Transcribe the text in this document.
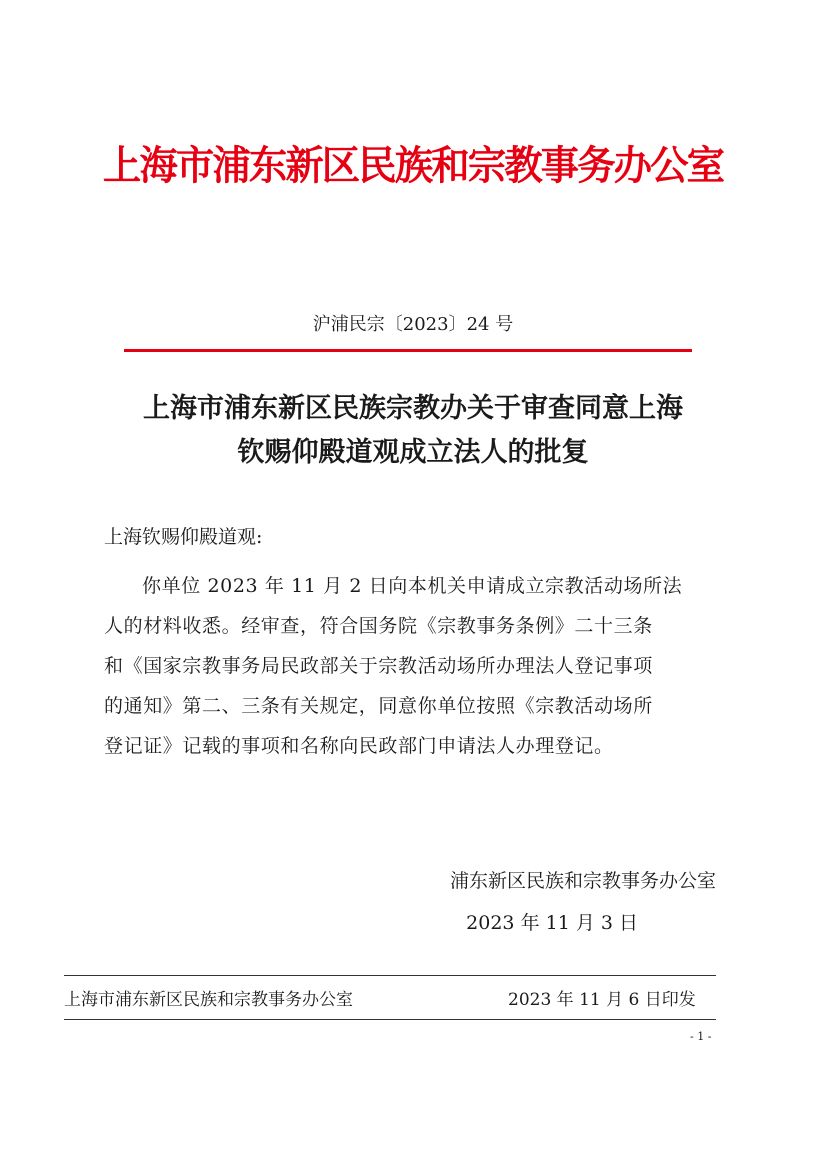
上海市浦东新区民族和宗教事务办公室
沪浦民宗〔2023〕24 号
上海市浦东新区民族宗教办关于审查同意上海
钦赐仰殿道观成立法人的批复
上海钦赐仰殿道观:
你单位 2023 年 11 月 2 日向本机关申请成立宗教活动场所法
人的材料收悉。经审查，符合国务院《宗教事务条例》二十三条
和《国家宗教事务局民政部关于宗教活动场所办理法人登记事项
的通知》第二、三条有关规定，同意你单位按照《宗教活动场所
登记证》记载的事项和名称向民政部门申请法人办理登记。
浦东新区民族和宗教事务办公室
2023 年 11 月 3 日
上海市浦东新区民族和宗教事务办公室	2023 年 11 月 6 日印发
- 1 -
